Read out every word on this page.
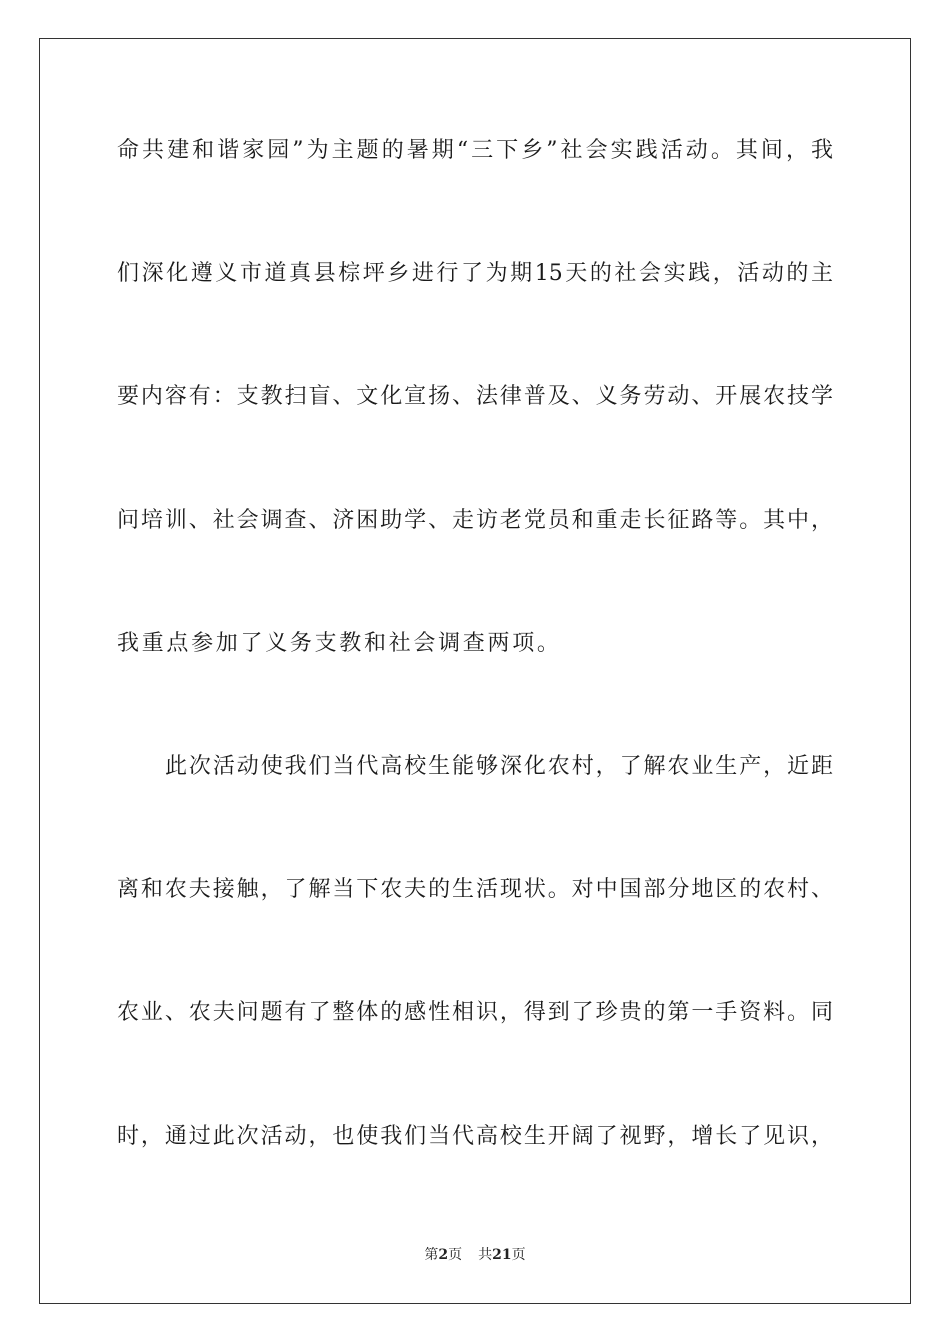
命共建和谐家园”为主题的暑期“三下乡”社会实践活动。其间，我
们深化遵义市道真县棕坪乡进行了为期15天的社会实践，活动的主
要内容有：支教扫盲、文化宣扬、法律普及、义务劳动、开展农技学
问培训、社会调查、济困助学、走访老党员和重走长征路等。其中，
我重点参加了义务支教和社会调查两项。
此次活动使我们当代高校生能够深化农村，了解农业生产，近距
离和农夫接触，了解当下农夫的生活现状。对中国部分地区的农村、
农业、农夫问题有了整体的感性相识，得到了珍贵的第一手资料。同
时，通过此次活动，也使我们当代高校生开阔了视野，增长了见识，
第2页 共21页
